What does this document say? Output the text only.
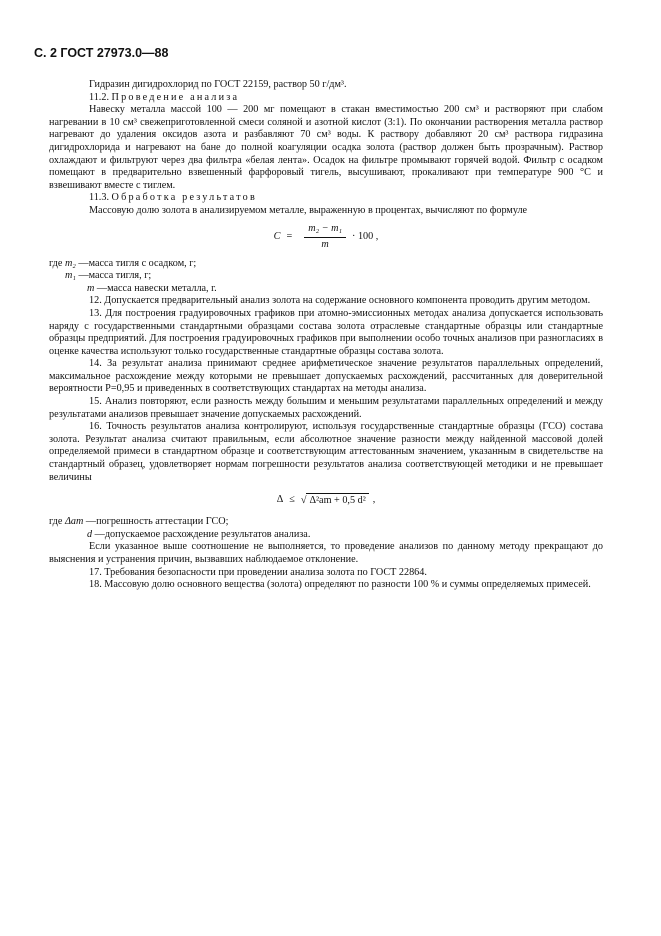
С. 2 ГОСТ 27973.0—88

Гидразин дигидрохлорид по ГОСТ 22159, раствор 50 г/дм³.

11.2. Проведение анализа

Навеску металла массой 100 — 200 мг помещают в стакан вместимостью 200 см³ и растворяют при слабом нагревании в 10 см³ свежеприготовленной смеси соляной и азотной кислот (3:1). По окончании растворения металла раствор нагревают до удаления оксидов азота и разбавляют 70 см³ воды. К раствору добавляют 20 см³ раствора гидразина дигидрохлорида и нагревают на бане до полной коагуляции осадка золота (раствор должен быть прозрачным). Раствор охлаждают и фильтруют через два фильтра «белая лента». Осадок на фильтре промывают горячей водой. Фильтр с осадком помещают в предварительно взвешенный фарфоровый тигель, высушивают, прокаливают при температуре 900 °С и взвешивают вместе с тиглем.

11.3. Обработка результатов

Массовую долю золота в анализируемом металле, выраженную в процентах, вычисляют по формуле

$C = \frac{\text{m₂ − m₁}}{m} \cdot 100$ ,
где m₂ —масса тигля с осадком, г;
m₁ —масса тигля, г;
m —масса навески металла, г.

12. Допускается предварительный анализ золота на содержание основного компонента проводить другим методом.

13. Для построения градуировочных графиков при атомно-эмиссионных методах анализа допускается использовать наряду с государственными стандартными образцами состава золота отраслевые стандартные образцы или стандартные образцы предприятий. Для построения градуировочных графиков при выполнении особо точных анализов при разногласиях в оценке качества используют только государственные стандартные образцы состава золота.

14. За результат анализа принимают среднее арифметическое значение результатов параллельных определений, максимальное расхождение между которыми не превышает допускаемых расхождений, рассчитанных для доверительной вероятности P=0,95 и приведенных в соответствующих стандартах на методы анализа.

15. Анализ повторяют, если разность между большим и меньшим результатами параллельных определений и между результатами анализов превышает значение допускаемых расхождений.

16. Точность результатов анализа контролируют, используя государственные стандартные образцы (ГСО) состава золота. Результат анализа считают правильным, если абсолютное значение разности между найденной массовой долей определяемой примеси в стандартном образце и соответствующим аттестованным значением, указанным в свидетельстве на стандартный образец, удовлетворяет нормам погрешности результатов анализа соответствующей методики и не превышает величины

Δ ≤ √ Δ²am + 0,5 d² ,
где Δam —погрешность аттестации ГСО;
d —допускаемое расхождение результатов анализа.

Если указанное выше соотношение не выполняется, то проведение анализов по данному методу прекращают до выяснения и устранения причин, вызвавших наблюдаемое отклонение.

17. Требования безопасности при проведении анализа золота по ГОСТ 22864.

18. Массовую долю основного вещества (золота) определяют по разности 100 % и суммы определяемых примесей.
